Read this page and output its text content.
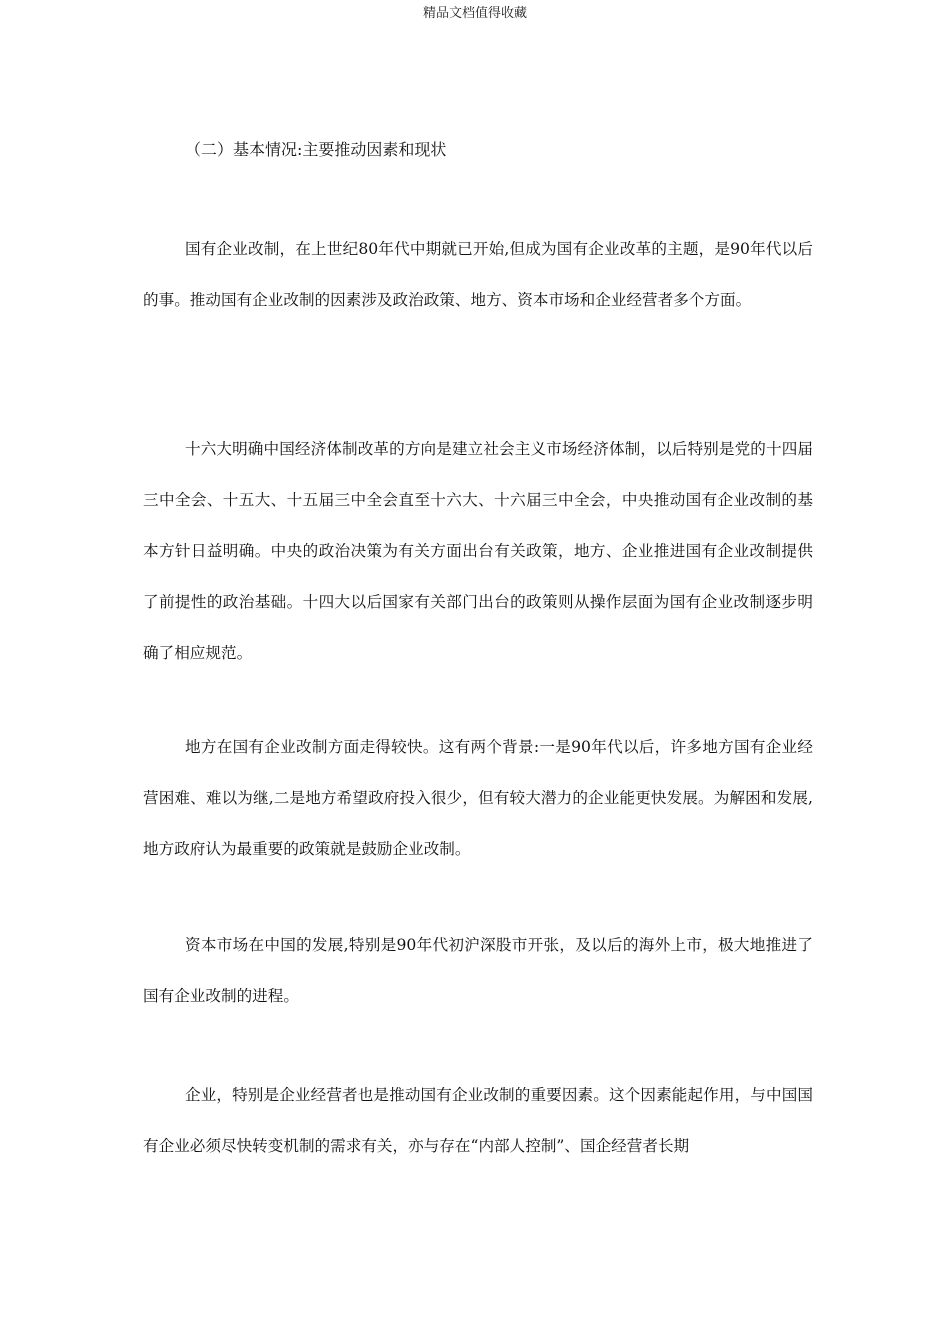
精品文档值得收藏
（二）基本情况:主要推动因素和现状

国有企业改制，在上世纪80年代中期就已开始,但成为国有企业改革的主题，是90年代以后的事。推动国有企业改制的因素涉及政治政策、地方、资本市场和企业经营者多个方面。

十六大明确中国经济体制改革的方向是建立社会主义市场经济体制，以后特别是党的十四届三中全会、十五大、十五届三中全会直至十六大、十六届三中全会，中央推动国有企业改制的基本方针日益明确。中央的政治决策为有关方面出台有关政策，地方、企业推进国有企业改制提供了前提性的政治基础。十四大以后国家有关部门出台的政策则从操作层面为国有企业改制逐步明确了相应规范。

地方在国有企业改制方面走得较快。这有两个背景:一是90年代以后，许多地方国有企业经营困难、难以为继,二是地方希望政府投入很少，但有较大潜力的企业能更快发展。为解困和发展,地方政府认为最重要的政策就是鼓励企业改制。

资本市场在中国的发展,特别是90年代初沪深股市开张，及以后的海外上市，极大地推进了国有企业改制的进程。

企业，特别是企业经营者也是推动国有企业改制的重要因素。这个因素能起作用，与中国国有企业必须尽快转变机制的需求有关，亦与存在“内部人控制”、国企经营者长期
